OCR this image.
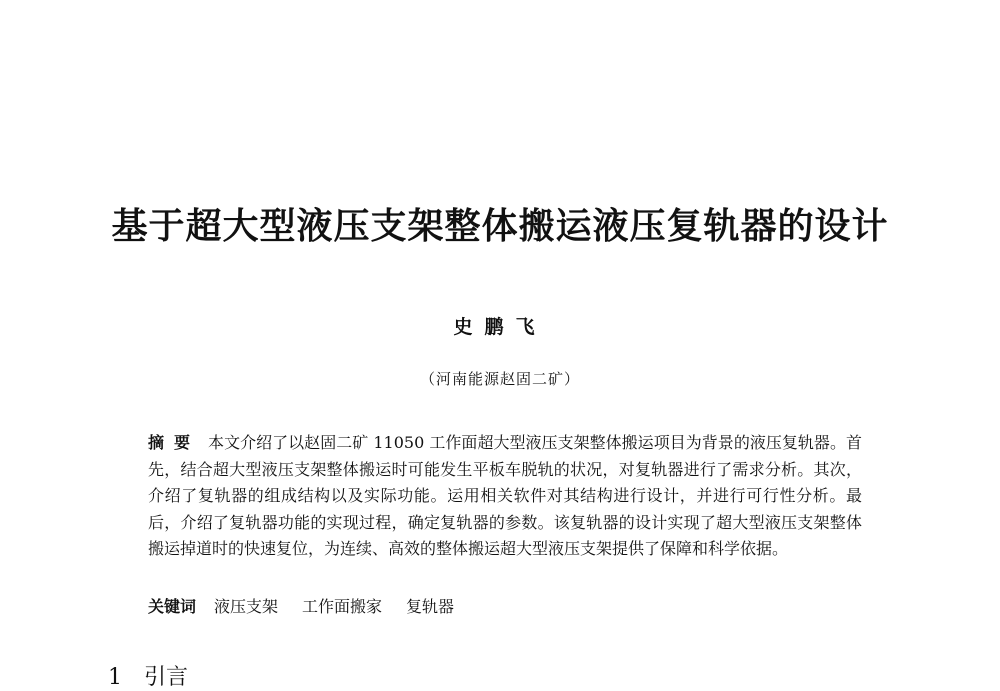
基于超大型液压支架整体搬运液压复轨器的设计
史鹏飞
（河南能源赵固二矿）

摘要 本文介绍了以赵固二矿 11050 工作面超大型液压支架整体搬运项目为背景的液压复轨器。首先，结合超大型液压支架整体搬运时可能发生平板车脱轨的状况，对复轨器进行了需求分析。其次，介绍了复轨器的组成结构以及实际功能。运用相关软件对其结构进行设计，并进行可行性分析。最后，介绍了复轨器功能的实现过程，确定复轨器的参数。该复轨器的设计实现了超大型液压支架整体搬运掉道时的快速复位，为连续、高效的整体搬运超大型液压支架提供了保障和科学依据。

关键词 液压支架 工作面搬家 复轨器
1 引言
